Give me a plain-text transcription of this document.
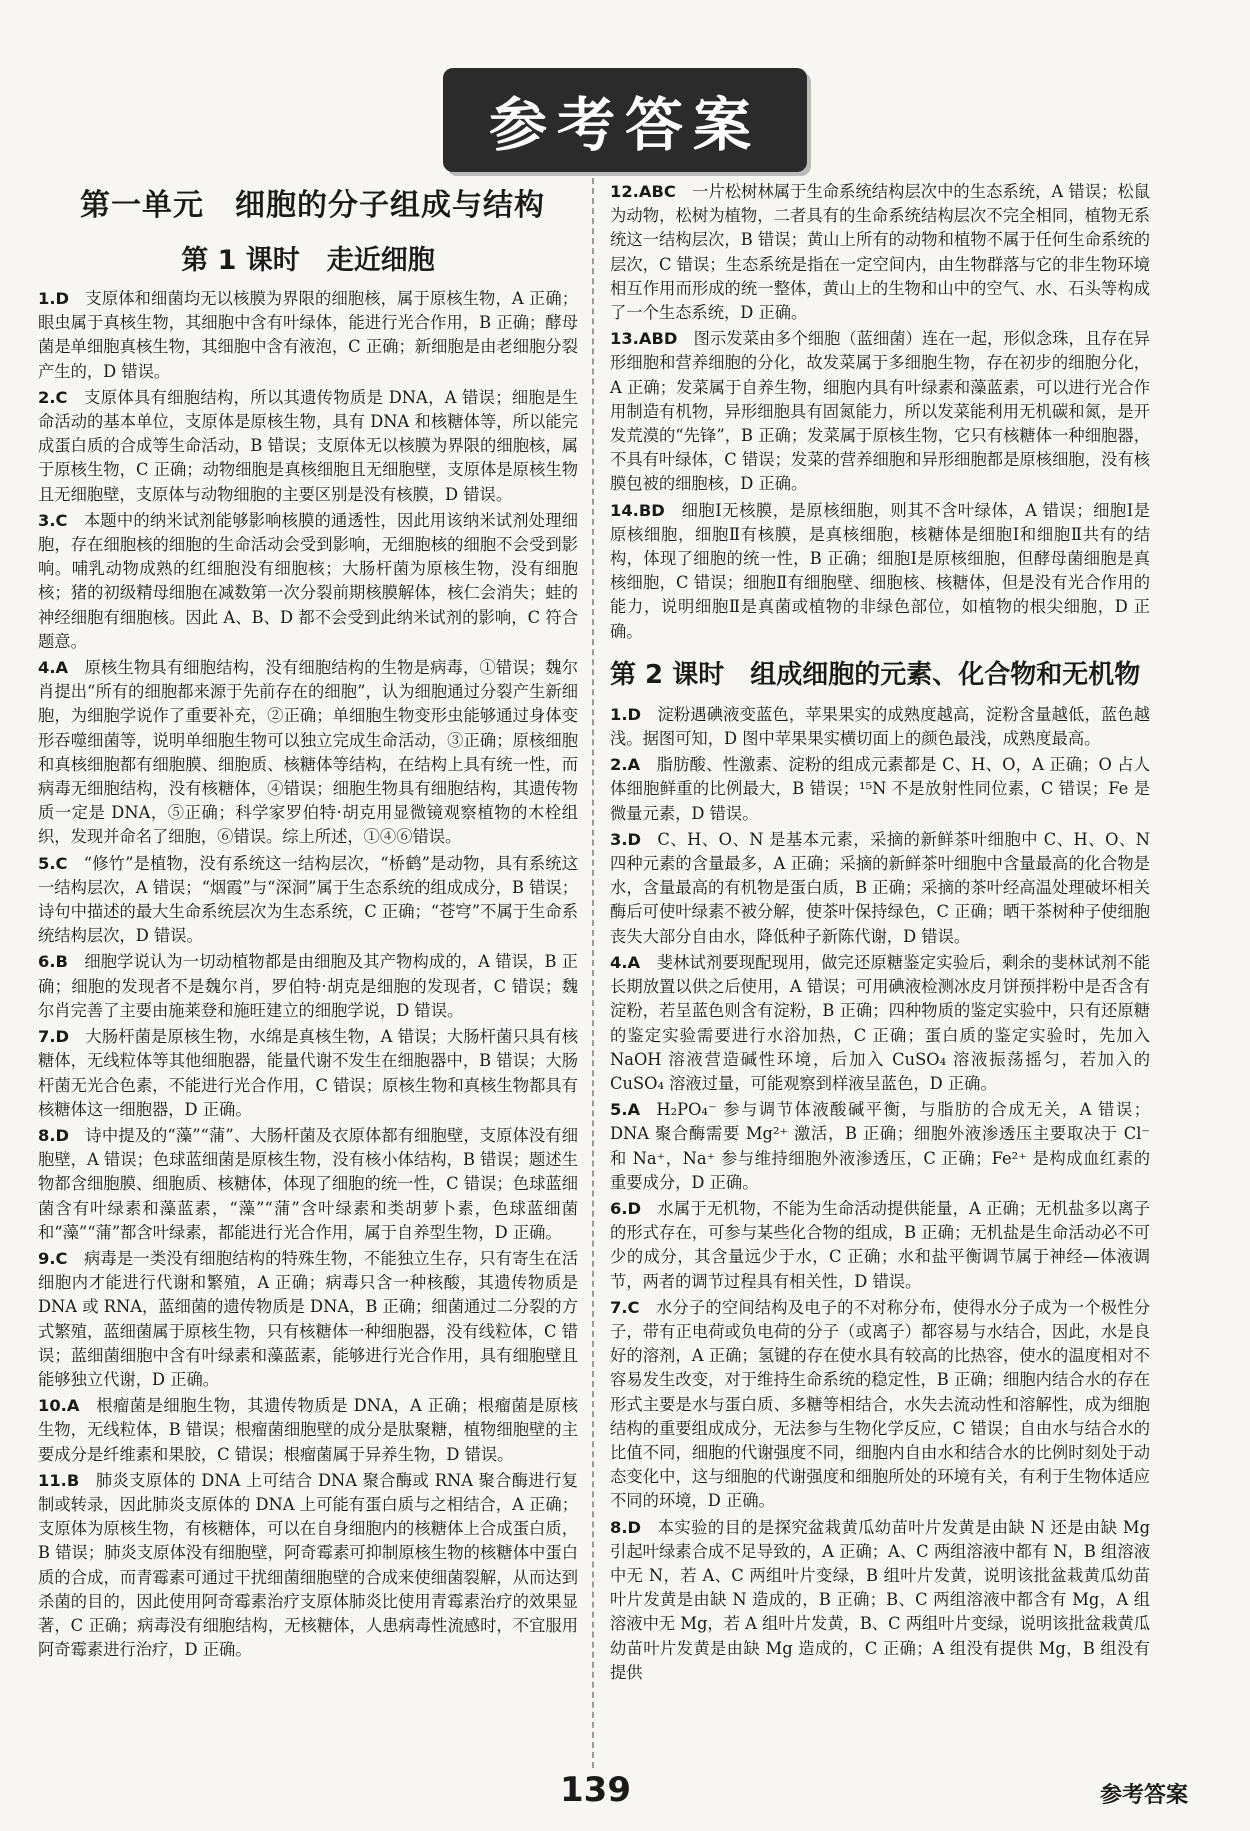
参考答案
第一单元　细胞的分子组成与结构
第 1 课时　走近细胞
1.D  支原体和细菌均无以核膜为界限的细胞核，属于原核生物，A 正确；眼虫属于真核生物，其细胞中含有叶绿体，能进行光合作用，B 正确；酵母菌是单细胞真核生物，其细胞中含有液泡，C 正确；新细胞是由老细胞分裂产生的，D 错误。
2.C  支原体具有细胞结构，所以其遗传物质是 DNA，A 错误；细胞是生命活动的基本单位，支原体是原核生物，具有 DNA 和核糖体等，所以能完成蛋白质的合成等生命活动，B 错误；支原体无以核膜为界限的细胞核，属于原核生物，C 正确；动物细胞是真核细胞且无细胞壁，支原体是原核生物且无细胞壁，支原体与动物细胞的主要区别是没有核膜，D 错误。
3.C  本题中的纳米试剂能够影响核膜的通透性，因此用该纳米试剂处理细胞，存在细胞核的细胞的生命活动会受到影响，无细胞核的细胞不会受到影响。哺乳动物成熟的红细胞没有细胞核；大肠杆菌为原核生物，没有细胞核；猪的初级精母细胞在减数第一次分裂前期核膜解体，核仁会消失；蛙的神经细胞有细胞核。因此 A、B、D 都不会受到此纳米试剂的影响，C 符合题意。
4.A  原核生物具有细胞结构，没有细胞结构的生物是病毒，①错误；魏尔肖提出“所有的细胞都来源于先前存在的细胞”，认为细胞通过分裂产生新细胞，为细胞学说作了重要补充，②正确；单细胞生物变形虫能够通过身体变形吞噬细菌等，说明单细胞生物可以独立完成生命活动，③正确；原核细胞和真核细胞都有细胞膜、细胞质、核糖体等结构，在结构上具有统一性，而病毒无细胞结构，没有核糖体，④错误；细胞生物具有细胞结构，其遗传物质一定是 DNA，⑤正确；科学家罗伯特·胡克用显微镜观察植物的木栓组织，发现并命名了细胞，⑥错误。综上所述，①④⑥错误。
5.C  “修竹”是植物，没有系统这一结构层次，“桥鹤”是动物，具有系统这一结构层次，A 错误；“烟霞”与“深洞”属于生态系统的组成成分，B 错误；诗句中描述的最大生命系统层次为生态系统，C 正确；“苍穹”不属于生命系统结构层次，D 错误。
6.B  细胞学说认为一切动植物都是由细胞及其产物构成的，A 错误，B 正确；细胞的发现者不是魏尔肖，罗伯特·胡克是细胞的发现者，C 错误；魏尔肖完善了主要由施莱登和施旺建立的细胞学说，D 错误。
7.D  大肠杆菌是原核生物，水绵是真核生物，A 错误；大肠杆菌只具有核糖体，无线粒体等其他细胞器，能量代谢不发生在细胞器中，B 错误；大肠杆菌无光合色素，不能进行光合作用，C 错误；原核生物和真核生物都具有核糖体这一细胞器，D 正确。
8.D  诗中提及的“藻”“蒲”、大肠杆菌及衣原体都有细胞壁，支原体没有细胞壁，A 错误；色球蓝细菌是原核生物，没有核小体结构，B 错误；题述生物都含细胞膜、细胞质、核糖体，体现了细胞的统一性，C 错误；色球蓝细菌含有叶绿素和藻蓝素，“藻”“蒲”含叶绿素和类胡萝卜素，色球蓝细菌和“藻”“蒲”都含叶绿素，都能进行光合作用，属于自养型生物，D 正确。
9.C  病毒是一类没有细胞结构的特殊生物，不能独立生存，只有寄生在活细胞内才能进行代谢和繁殖，A 正确；病毒只含一种核酸，其遗传物质是 DNA 或 RNA，蓝细菌的遗传物质是 DNA，B 正确；细菌通过二分裂的方式繁殖，蓝细菌属于原核生物，只有核糖体一种细胞器，没有线粒体，C 错误；蓝细菌细胞中含有叶绿素和藻蓝素，能够进行光合作用，具有细胞壁且能够独立代谢，D 正确。
10.A  根瘤菌是细胞生物，其遗传物质是 DNA，A 正确；根瘤菌是原核生物，无线粒体，B 错误；根瘤菌细胞壁的成分是肽聚糖，植物细胞壁的主要成分是纤维素和果胶，C 错误；根瘤菌属于异养生物，D 错误。
11.B  肺炎支原体的 DNA 上可结合 DNA 聚合酶或 RNA 聚合酶进行复制或转录，因此肺炎支原体的 DNA 上可能有蛋白质与之相结合，A 正确；支原体为原核生物，有核糖体，可以在自身细胞内的核糖体上合成蛋白质，B 错误；肺炎支原体没有细胞壁，阿奇霉素可抑制原核生物的核糖体中蛋白质的合成，而青霉素可通过干扰细菌细胞壁的合成来使细菌裂解，从而达到杀菌的目的，因此使用阿奇霉素治疗支原体肺炎比使用青霉素治疗的效果显著，C 正确；病毒没有细胞结构，无核糖体，人患病毒性流感时，不宜服用阿奇霉素进行治疗，D 正确。
12.ABC  一片松树林属于生命系统结构层次中的生态系统，A 错误；松鼠为动物，松树为植物，二者具有的生命系统结构层次不完全相同，植物无系统这一结构层次，B 错误；黄山上所有的动物和植物不属于任何生命系统的层次，C 错误；生态系统是指在一定空间内，由生物群落与它的非生物环境相互作用而形成的统一整体，黄山上的生物和山中的空气、水、石头等构成了一个生态系统，D 正确。
13.ABD  图示发菜由多个细胞（蓝细菌）连在一起，形似念珠，且存在异形细胞和营养细胞的分化，故发菜属于多细胞生物，存在初步的细胞分化，A 正确；发菜属于自养生物，细胞内具有叶绿素和藻蓝素，可以进行光合作用制造有机物，异形细胞具有固氮能力，所以发菜能利用无机碳和氮，是开发荒漠的“先锋”，B 正确；发菜属于原核生物，它只有核糖体一种细胞器，不具有叶绿体，C 错误；发菜的营养细胞和异形细胞都是原核细胞，没有核膜包被的细胞核，D 正确。
14.BD  细胞Ⅰ无核膜，是原核细胞，则其不含叶绿体，A 错误；细胞Ⅰ是原核细胞，细胞Ⅱ有核膜，是真核细胞，核糖体是细胞Ⅰ和细胞Ⅱ共有的结构，体现了细胞的统一性，B 正确；细胞Ⅰ是原核细胞，但酵母菌细胞是真核细胞，C 错误；细胞Ⅱ有细胞壁、细胞核、核糖体，但是没有光合作用的能力，说明细胞Ⅱ是真菌或植物的非绿色部位，如植物的根尖细胞，D 正确。
第 2 课时　组成细胞的元素、化合物和无机物
1.D  淀粉遇碘液变蓝色，苹果果实的成熟度越高，淀粉含量越低，蓝色越浅。据图可知，D 图中苹果果实横切面上的颜色最浅，成熟度最高。
2.A  脂肪酸、性激素、淀粉的组成元素都是 C、H、O，A 正确；O 占人体细胞鲜重的比例最大，B 错误；¹⁵N 不是放射性同位素，C 错误；Fe 是微量元素，D 错误。
3.D  C、H、O、N 是基本元素，采摘的新鲜茶叶细胞中 C、H、O、N 四种元素的含量最多，A 正确；采摘的新鲜茶叶细胞中含量最高的化合物是水，含量最高的有机物是蛋白质，B 正确；采摘的茶叶经高温处理破坏相关酶后可使叶绿素不被分解，使茶叶保持绿色，C 正确；晒干茶树种子使细胞丧失大部分自由水，降低种子新陈代谢，D 错误。
4.A  斐林试剂要现配现用，做完还原糖鉴定实验后，剩余的斐林试剂不能长期放置以供之后使用，A 错误；可用碘液检测冰皮月饼预拌粉中是否含有淀粉，若呈蓝色则含有淀粉，B 正确；四种物质的鉴定实验中，只有还原糖的鉴定实验需要进行水浴加热，C 正确；蛋白质的鉴定实验时，先加入 NaOH 溶液营造碱性环境，后加入 CuSO₄ 溶液振荡摇匀，若加入的 CuSO₄ 溶液过量，可能观察到样液呈蓝色，D 正确。
5.A  H₂PO₄⁻ 参与调节体液酸碱平衡，与脂肪的合成无关，A 错误；DNA 聚合酶需要 Mg²⁺ 激活，B 正确；细胞外液渗透压主要取决于 Cl⁻ 和 Na⁺，Na⁺ 参与维持细胞外液渗透压，C 正确；Fe²⁺ 是构成血红素的重要成分，D 正确。
6.D  水属于无机物，不能为生命活动提供能量，A 正确；无机盐多以离子的形式存在，可参与某些化合物的组成，B 正确；无机盐是生命活动必不可少的成分，其含量远少于水，C 正确；水和盐平衡调节属于神经—体液调节，两者的调节过程具有相关性，D 错误。
7.C  水分子的空间结构及电子的不对称分布，使得水分子成为一个极性分子，带有正电荷或负电荷的分子（或离子）都容易与水结合，因此，水是良好的溶剂，A 正确；氢键的存在使水具有较高的比热容，使水的温度相对不容易发生改变，对于维持生命系统的稳定性，B 正确；细胞内结合水的存在形式主要是水与蛋白质、多糖等相结合，水失去流动性和溶解性，成为细胞结构的重要组成成分，无法参与生物化学反应，C 错误；自由水与结合水的比值不同，细胞的代谢强度不同，细胞内自由水和结合水的比例时刻处于动态变化中，这与细胞的代谢强度和细胞所处的环境有关，有利于生物体适应不同的环境，D 正确。
8.D  本实验的目的是探究盆栽黄瓜幼苗叶片发黄是由缺 N 还是由缺 Mg 引起叶绿素合成不足导致的，A 正确；A、C 两组溶液中都有 N，B 组溶液中无 N，若 A、C 两组叶片变绿，B 组叶片发黄，说明该批盆栽黄瓜幼苗叶片发黄是由缺 N 造成的，B 正确；B、C 两组溶液中都含有 Mg，A 组溶液中无 Mg，若 A 组叶片发黄，B、C 两组叶片变绿，说明该批盆栽黄瓜幼苗叶片发黄是由缺 Mg 造成的，C 正确；A 组没有提供 Mg，B 组没有提供
139	参考答案
